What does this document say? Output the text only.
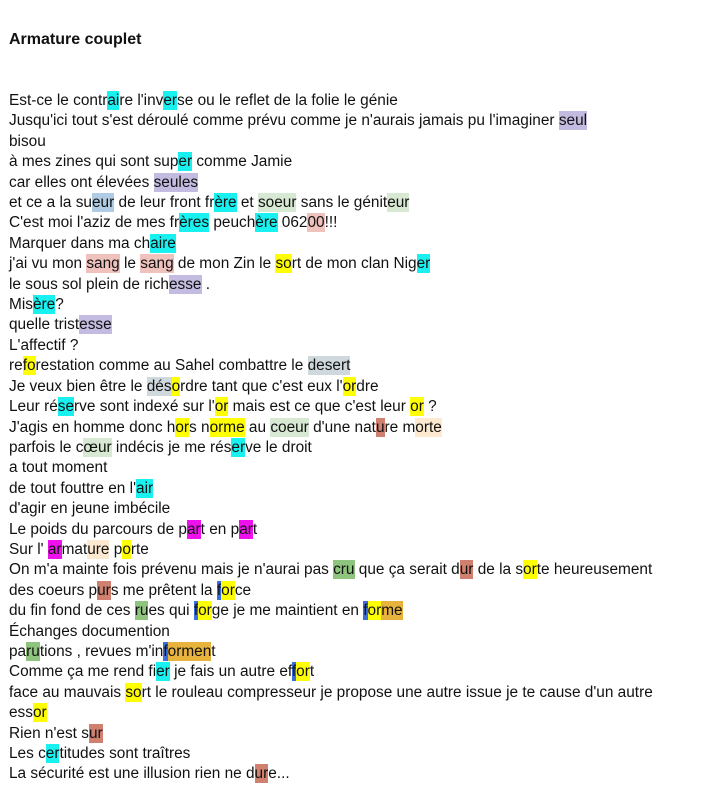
Armature couplet
Est-ce le contraire l'inverse ou le reflet de la folie le génie
Jusqu'ici tout s'est déroulé comme prévu comme je n'aurais jamais pu l'imaginer seul
bisou
à mes zines qui sont super comme Jamie
car elles ont élevées seules
et ce a la sueur de leur front frère et soeur sans le géniteur
C'est moi l'aziz de mes frères peuchère 06200!!!
Marquer dans ma chaire
j'ai vu mon sang le sang de mon Zin le sort de mon clan Niger
le sous sol plein de richesse .
Misère?
quelle tristesse
L'affectif ?
reforestation comme au Sahel combattre le desert
Je veux bien être le désordre tant que c'est eux l'ordre
Leur réserve sont indexé sur l'or mais est ce que c'est leur or ?
J'agis en homme donc hors norme au coeur d'une nature morte
parfois le cœur indécis je me réserve le droit
a tout moment
de tout fouttre en l'air
d'agir en jeune imbécile
Le poids du parcours de part en part
Sur l' armature porte
On m'a mainte fois prévenu mais je n'aurai pas cru que ça serait dur de la sorte heureusement
des coeurs purs me prêtent la force
du fin fond de ces rues qui forge je me maintient en forme
Échanges documention
parutions , revues m'informent
Comme ça me rend fier je fais un autre effort
face au mauvais sort le rouleau compresseur je propose une autre issue je te cause d'un autre
essor
Rien n'est sur
Les certitudes sont traîtres
La sécurité est une illusion rien ne dure...
